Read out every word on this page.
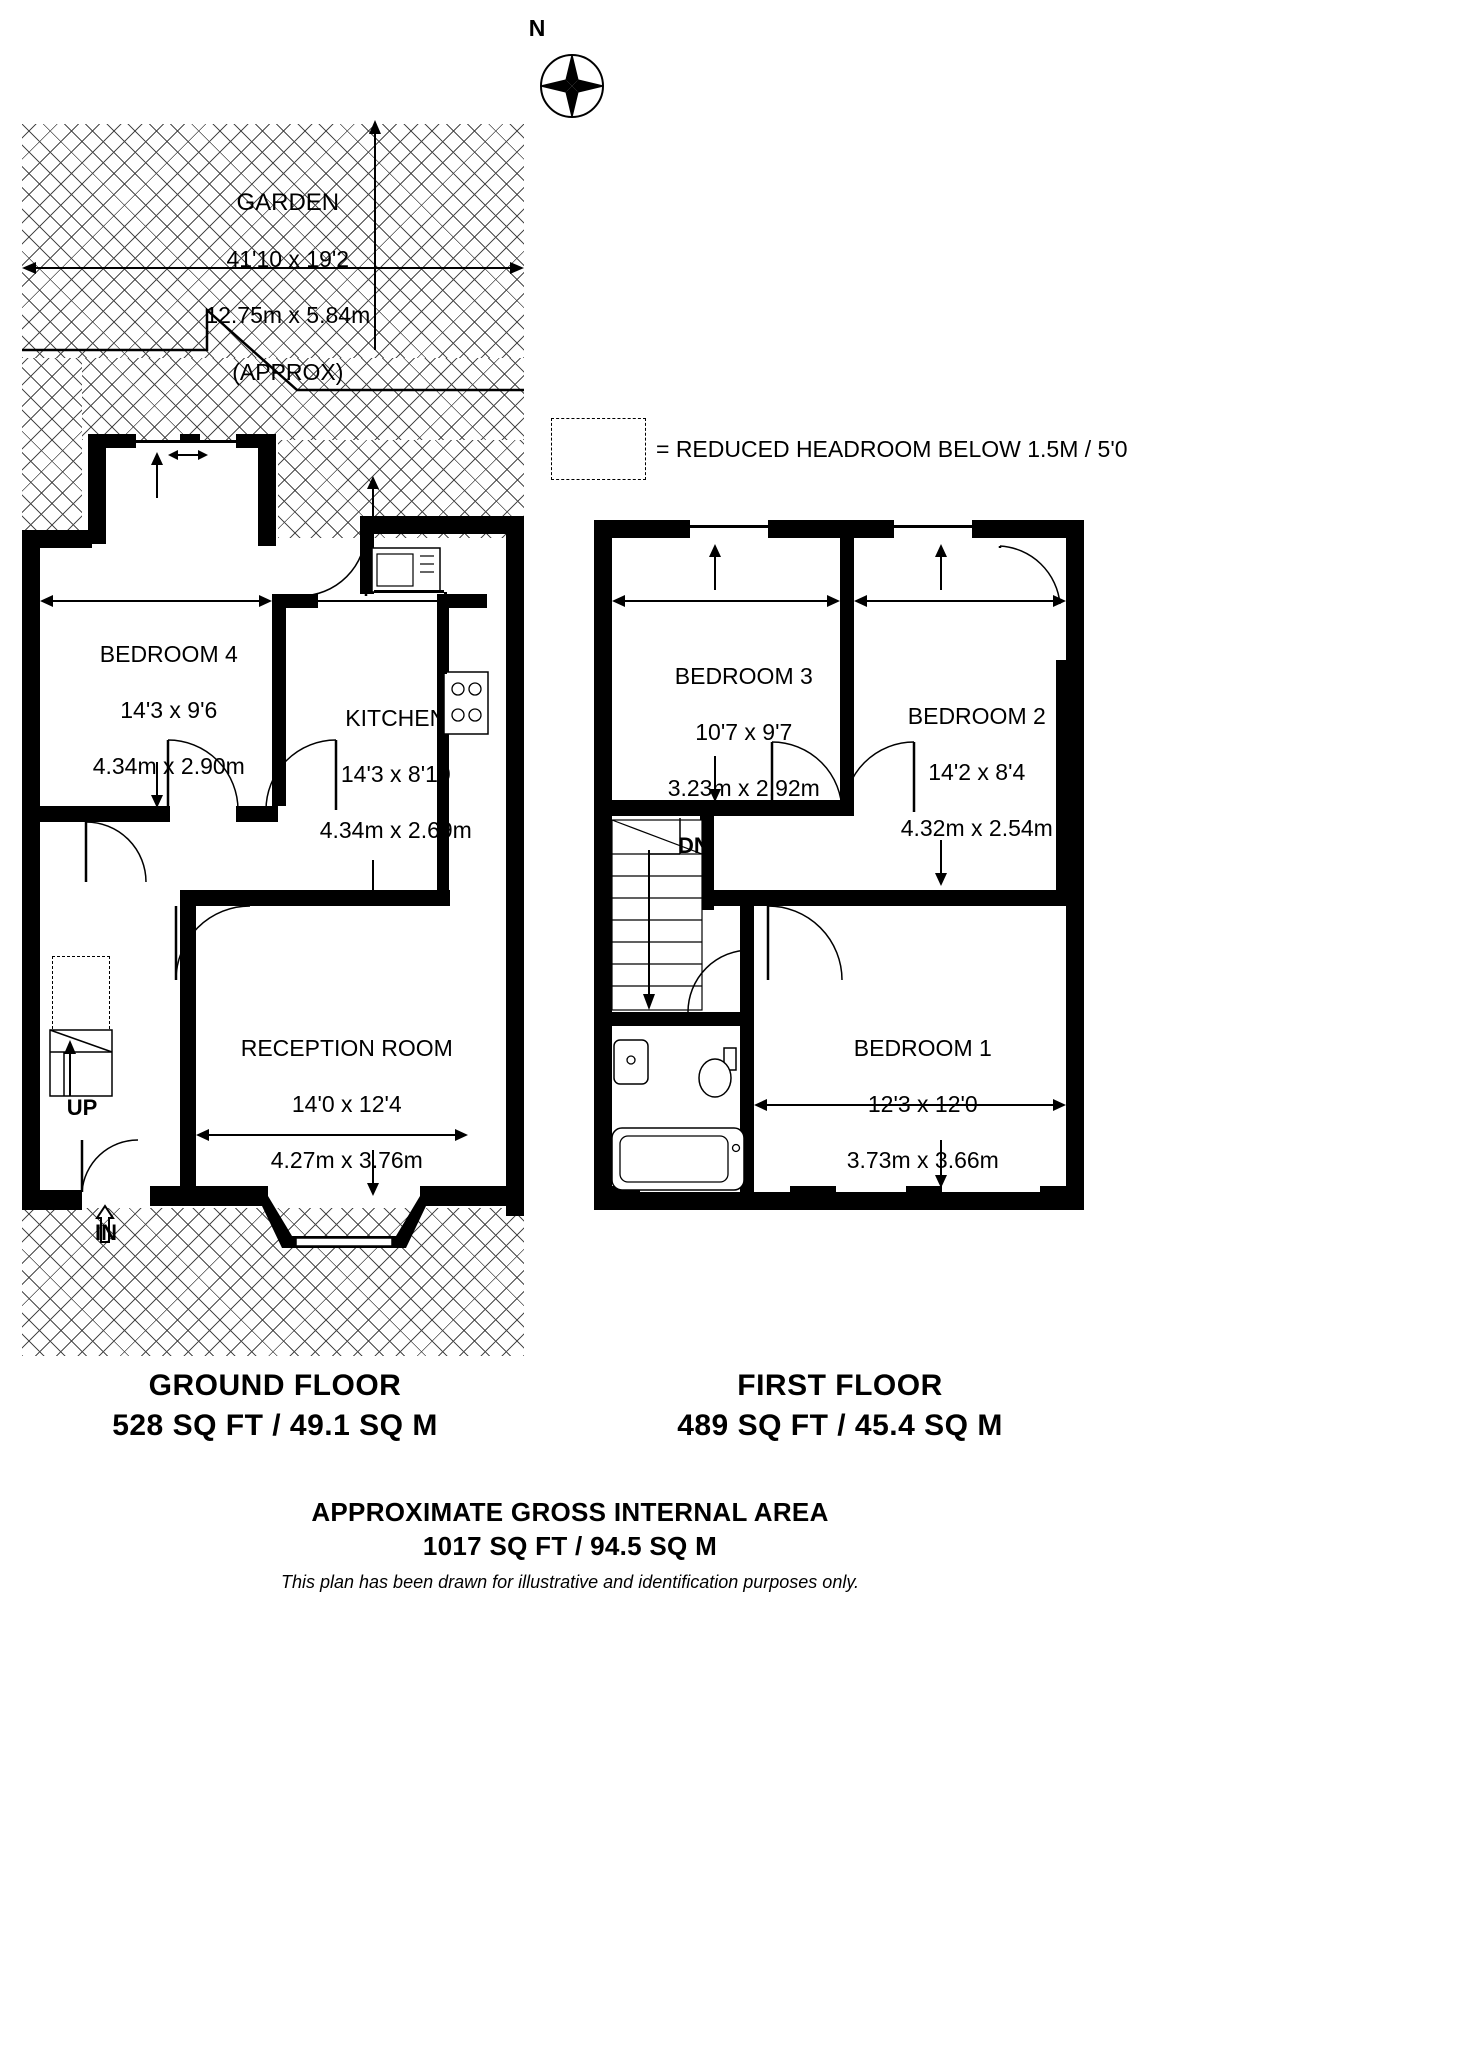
N

GARDEN

41'10 x 19'2

12.75m x 5.84m

(APPROX)

UP
IN

BEDROOM 4

14'3 x 9'6

4.34m x 2.90m

KITCHEN

14'3 x 8'10

4.34m x 2.69m

RECEPTION ROOM

14'0 x 12'4

4.27m x 3.76m

= REDUCED HEADROOM BELOW 1.5M / 5'0
DN

BEDROOM 3

10'7 x 9'7

3.23m x 2.92m

BEDROOM 2

14'2 x 8'4

4.32m x 2.54m

BEDROOM 1

12'3 x 12'0

3.73m x 3.66m

GROUND FLOOR
528 SQ FT / 49.1 SQ M
FIRST FLOOR
489 SQ FT / 45.4 SQ M
APPROXIMATE GROSS INTERNAL AREA
1017 SQ FT / 94.5 SQ M
This plan has been drawn for illustrative and identification purposes only.
